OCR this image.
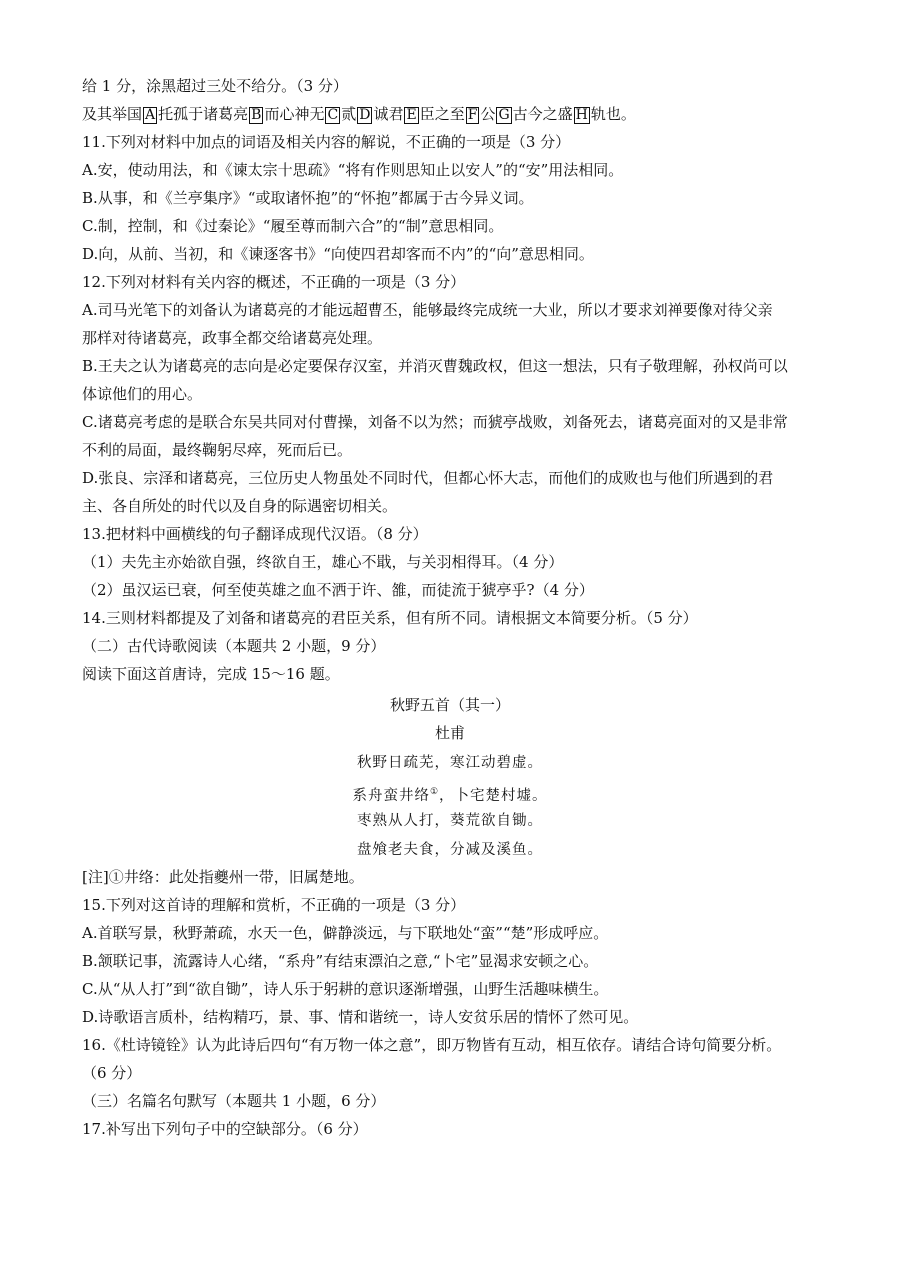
给 1 分，涂黑超过三处不给分。（3 分）
及其举国 A 托孤于诸葛亮 B 而心神无 C 贰 D 诚君 E 臣之至 F 公 G 古今之盛 H 轨也。
11.下列对材料中加点的词语及相关内容的解说，不正确的一项是（3 分）
A.安，使动用法，和《谏太宗十思疏》“将有作则思知止以安人”的“安”用法相同。
B.从事，和《兰亭集序》“或取诸怀抱”的“怀抱”都属于古今异义词。
C.制，控制，和《过秦论》“履至尊而制六合”的“制”意思相同。
D.向，从前、当初，和《谏逐客书》“向使四君却客而不内”的“向”意思相同。
12.下列对材料有关内容的概述，不正确的一项是（3 分）
A.司马光笔下的刘备认为诸葛亮的才能远超曹丕，能够最终完成统一大业，所以才要求刘禅要像对待父亲
那样对待诸葛亮，政事全都交给诸葛亮处理。
B.王夫之认为诸葛亮的志向是必定要保存汉室，并消灭曹魏政权，但这一想法，只有子敬理解，孙权尚可以
体谅他们的用心。
C.诸葛亮考虑的是联合东吴共同对付曹操，刘备不以为然；而猇亭战败，刘备死去，诸葛亮面对的又是非常
不利的局面，最终鞠躬尽瘁，死而后已。
D.张良、宗泽和诸葛亮，三位历史人物虽处不同时代，但都心怀大志，而他们的成败也与他们所遇到的君
主、各自所处的时代以及自身的际遇密切相关。
13.把材料中画横线的句子翻译成现代汉语。（8 分）
（1）夫先主亦始欲自强，终欲自王，雄心不戢，与关羽相得耳。（4 分）
（2）虽汉运已衰，何至使英雄之血不洒于许、雒，而徒流于猇亭乎?（4 分）
14.三则材料都提及了刘备和诸葛亮的君臣关系，但有所不同。请根据文本简要分析。（5 分）
（二）古代诗歌阅读（本题共 2 小题，9 分）
阅读下面这首唐诗，完成 15～16 题。
秋野五首（其一）
杜甫
秋野日疏芜，寒江动碧虚。
系舟蛮井络①，卜宅楚村墟。
枣熟从人打，葵荒欲自锄。
盘飧老夫食，分减及溪鱼。
[注]①井络：此处指夔州一带，旧属楚地。
15.下列对这首诗的理解和赏析，不正确的一项是（3 分）
A.首联写景，秋野萧疏，水天一色，僻静淡远，与下联地处“蛮”“楚”形成呼应。
B.颔联记事，流露诗人心绪，“系舟”有结束漂泊之意,“卜宅”显渴求安顿之心。
C.从“从人打”到“欲自锄”，诗人乐于躬耕的意识逐渐增强，山野生活趣味横生。
D.诗歌语言质朴，结构精巧，景、事、情和谐统一，诗人安贫乐居的情怀了然可见。
16.《杜诗镜铨》认为此诗后四句“有万物一体之意”，即万物皆有互动，相互依存。请结合诗句简要分析。
（6 分）
（三）名篇名句默写（本题共 1 小题，6 分）
17.补写出下列句子中的空缺部分。（6 分）
